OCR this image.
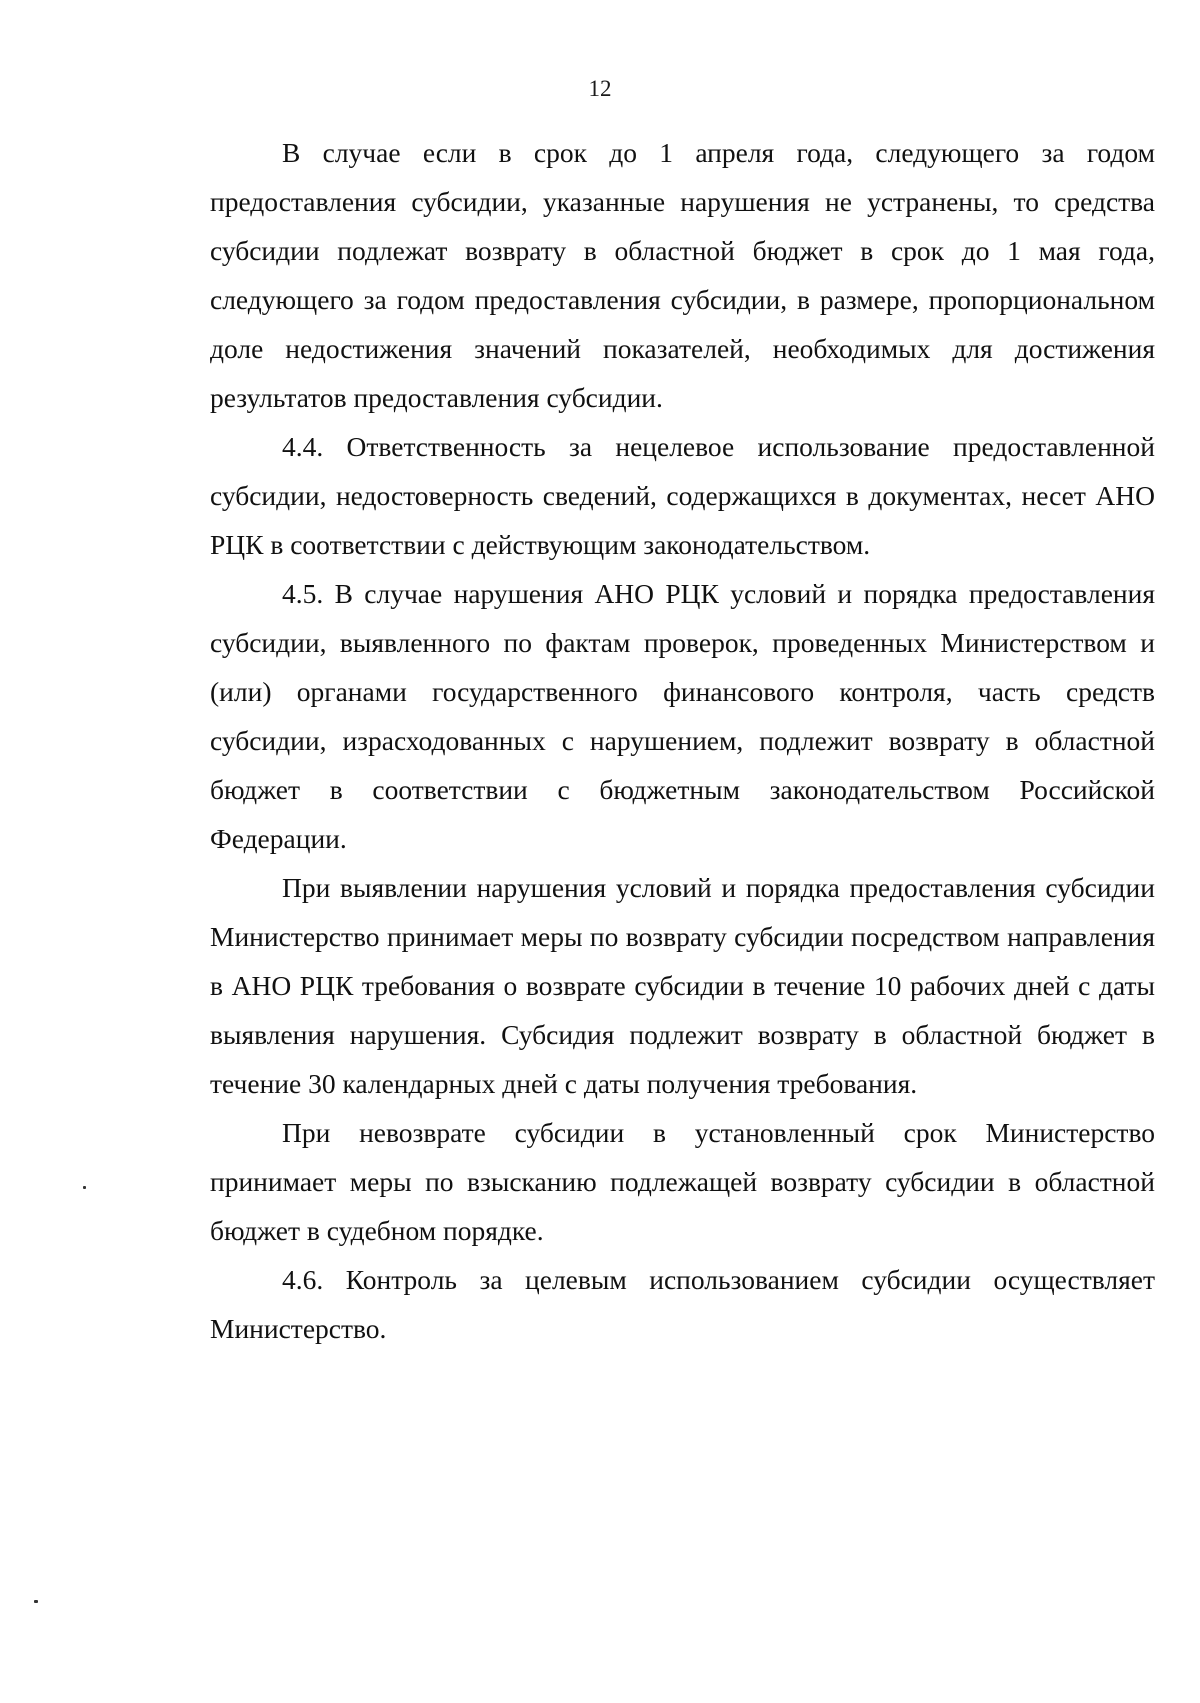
12

В случае если в срок до 1 апреля года, следующего за годом предоставления субсидии, указанные нарушения не устранены, то средства субсидии подлежат возврату в областной бюджет в срок до 1 мая года, следующего за годом предоставления субсидии, в размере, пропорциональном доле недостижения значений показателей, необходимых для достижения результатов предоставления субсидии.

4.4. Ответственность за нецелевое использование предоставленной субсидии, недостоверность сведений, содержащихся в документах, несет АНО РЦК в соответствии с действующим законодательством.

4.5. В случае нарушения АНО РЦК условий и порядка предоставления субсидии, выявленного по фактам проверок, проведенных Министерством и (или) органами государственного финансового контроля, часть средств субсидии, израсходованных с нарушением, подлежит возврату в областной бюджет в соответствии с бюджетным законодательством Российской Федерации.

При выявлении нарушения условий и порядка предоставления субсидии Министерство принимает меры по возврату субсидии посредством направления в АНО РЦК требования о возврате субсидии в течение 10 рабочих дней с даты выявления нарушения. Субсидия подлежит возврату в областной бюджет в течение 30 календарных дней с даты получения требования.

При невозврате субсидии в установленный срок Министерство принимает меры по взысканию подлежащей возврату субсидии в областной бюджет в судебном порядке.

4.6. Контроль за целевым использованием субсидии осуществляет Министерство.
